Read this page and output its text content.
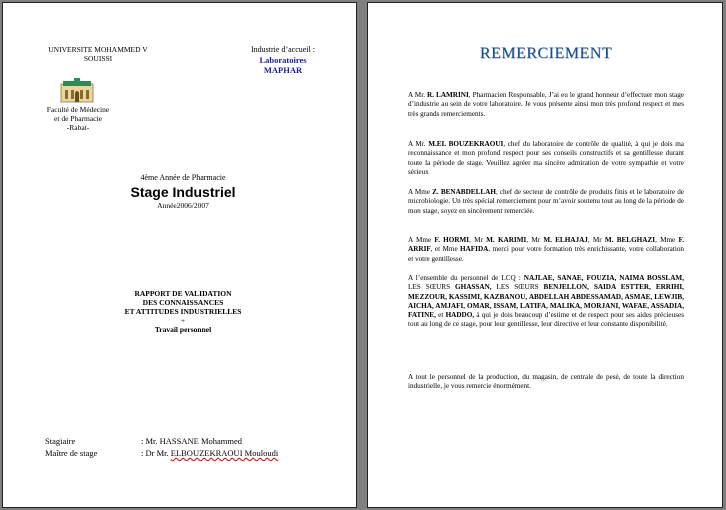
UNIVERSITE MOHAMMED V
SOUISSI
Industrie d’accueil :
Laboratoires
MAPHAR
Faculté de Médecine
et de Pharmacie
-Rabat-
4ème Année de Pharmacie
Stage Industriel
Année2006/2007
RAPPORT DE VALIDATION
DES CONNAISSANCES
ET ATTITUDES INDUSTRIELLES
+
Travail personnel
Stagiaire	: Mr. HASSANE Mohammed
Maître de stage	: Dr Mr. ELBOUZEKRAOUI Mouloudi
REMERCIEMENT
A Mr. R. LAMRINI, Pharmacien Responsable, J’ai eu le grand honneur d’effectuer mon stage d’industrie au sein de votre laboratoire. Je vous présente ainsi mon très profond respect et mes très grands remerciements.
A Mr. M.EL BOUZEKRAOUI, chef du laboratoire de contrôle de qualité, à qui je dois ma reconnaissance et mon profond respect pour ses conseils constructifs et sa gentillesse durant toute la période de stage. Veuillez agréer ma sincère admiration de votre sympathie et votre sérieux
A Mme Z. BENABDELLAH, chef de secteur de contrôle de produits finis et le laboratoire de microbiologie. Un très spécial remerciement pour m’avoir soutenu tout au long de la période de mon stage, soyez en sincèrement remerciée.
A Mme F. HORMI, Mr M. KARIMI, Mr M. ELHAJAJ, Mr M. BELGHAZI, Mme F. ARRIF, et Mme HAFIDA, merci pour votre formation très enrichissante, votre collaboration et votre gentillesse.
A l’ensemble du personnel de LCQ : NAJLAE, SANAE, FOUZIA, NAIMA BOSSLAM, LES SŒURS GHASSAN, LES SŒURS BENJELLON, SAIDA ESTTER, ERRIHI, MEZZOUR, KASSIMI, KAZBANOU, ABDELLAH ABDESSAMAD, ASMAE, LEWJIB, AICHA, AMJAFI, OMAR, ISSAM, LATIFA, MALIKA, MORJANI, WAFAE, ASSADIA, FATINE, et HADDO, à qui je dois beaucoup d’estime et de respect pour ses aides précieuses tout au long de ce stage, pour leur gentillesse, leur directive et leur constante disponibilité.
A tout le personnel de la production, du magasin, de centrale de pesé, de toute la direction industrielle, je vous remercie énormément.
